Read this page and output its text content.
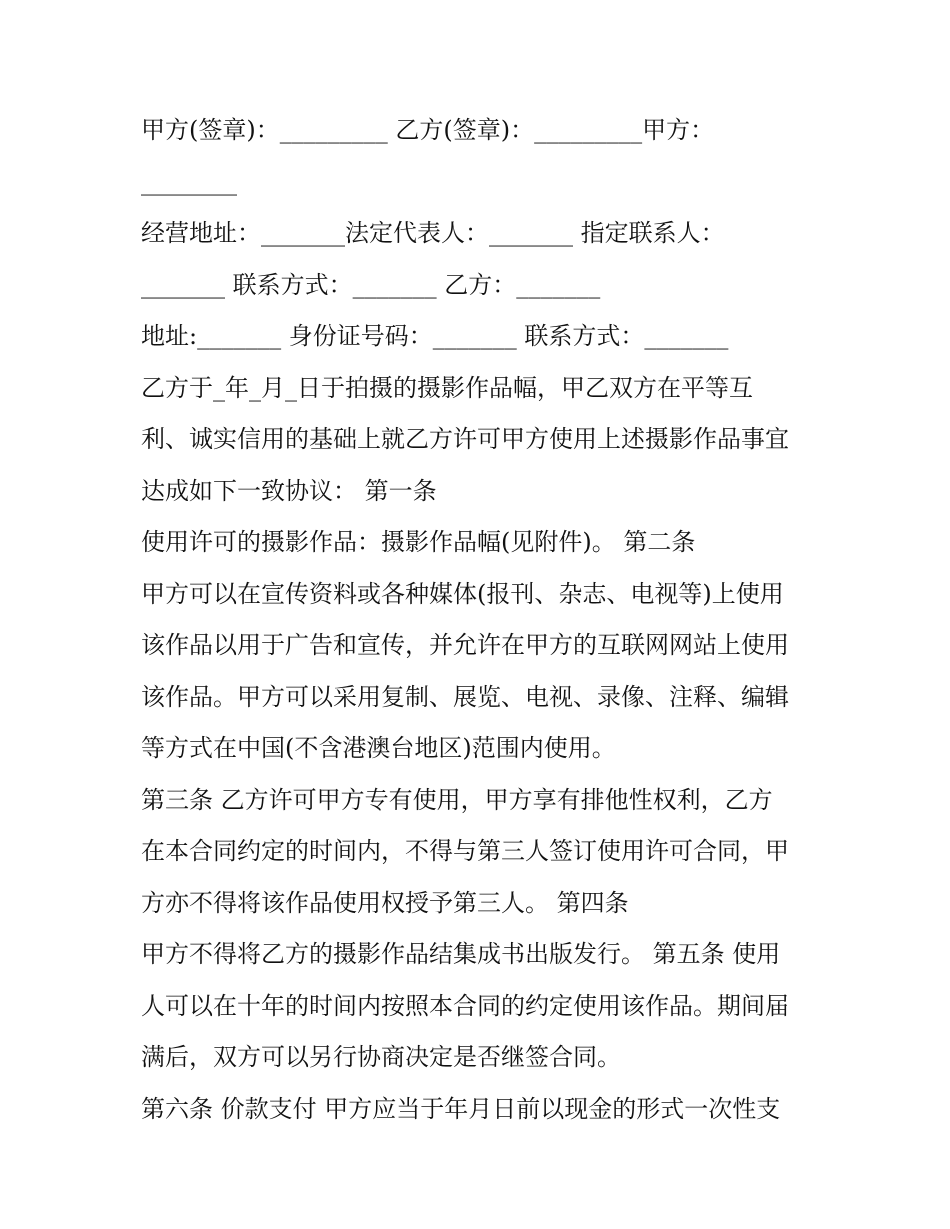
甲方(签章)：_________ 乙方(签章)：_________甲方：
________
经营地址：_______法定代表人：_______ 指定联系人：
_______ 联系方式：_______ 乙方：_______
地址:_______ 身份证号码：_______ 联系方式：_______
乙方于_年_月_日于拍摄的摄影作品幅，甲乙双方在平等互
利、诚实信用的基础上就乙方许可甲方使用上述摄影作品事宜
达成如下一致协议： 第一条
使用许可的摄影作品：摄影作品幅(见附件)。 第二条
甲方可以在宣传资料或各种媒体(报刊、杂志、电视等)上使用
该作品以用于广告和宣传，并允许在甲方的互联网网站上使用
该作品。甲方可以采用复制、展览、电视、录像、注释、编辑
等方式在中国(不含港澳台地区)范围内使用。
第三条 乙方许可甲方专有使用，甲方享有排他性权利，乙方
在本合同约定的时间内，不得与第三人签订使用许可合同，甲
方亦不得将该作品使用权授予第三人。 第四条
甲方不得将乙方的摄影作品结集成书出版发行。 第五条 使用
人可以在十年的时间内按照本合同的约定使用该作品。期间届
满后，双方可以另行协商决定是否继签合同。
第六条 价款支付 甲方应当于年月日前以现金的形式一次性支
